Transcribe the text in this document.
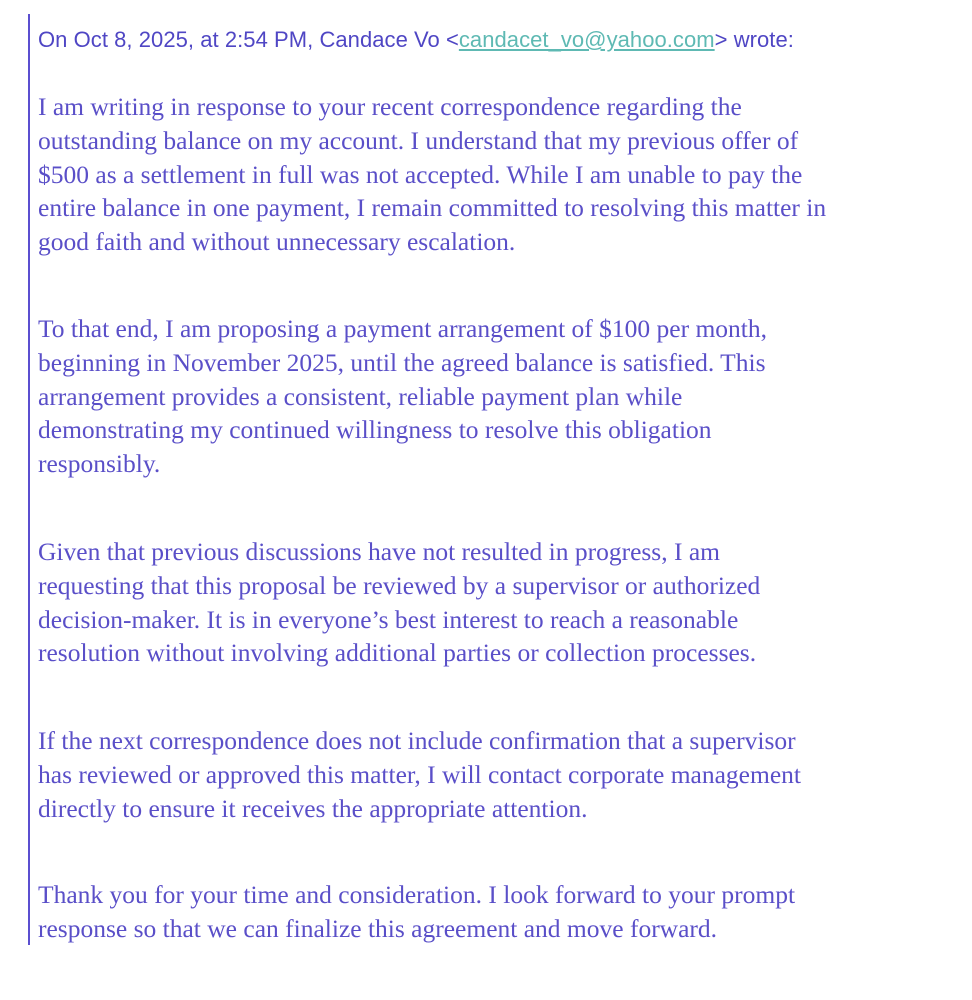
On Oct 8, 2025, at 2:54 PM, Candace Vo <candacet_vo@yahoo.com> wrote:

I am writing in response to your recent correspondence regarding the
outstanding balance on my account. I understand that my previous offer of
$500 as a settlement in full was not accepted. While I am unable to pay the
entire balance in one payment, I remain committed to resolving this matter in
good faith and without unnecessary escalation.

To that end, I am proposing a payment arrangement of $100 per month,
beginning in November 2025, until the agreed balance is satisfied. This
arrangement provides a consistent, reliable payment plan while
demonstrating my continued willingness to resolve this obligation
responsibly.

Given that previous discussions have not resulted in progress, I am
requesting that this proposal be reviewed by a supervisor or authorized
decision-maker. It is in everyone’s best interest to reach a reasonable
resolution without involving additional parties or collection processes.

If the next correspondence does not include confirmation that a supervisor
has reviewed or approved this matter, I will contact corporate management
directly to ensure it receives the appropriate attention.

Thank you for your time and consideration. I look forward to your prompt
response so that we can finalize this agreement and move forward.
